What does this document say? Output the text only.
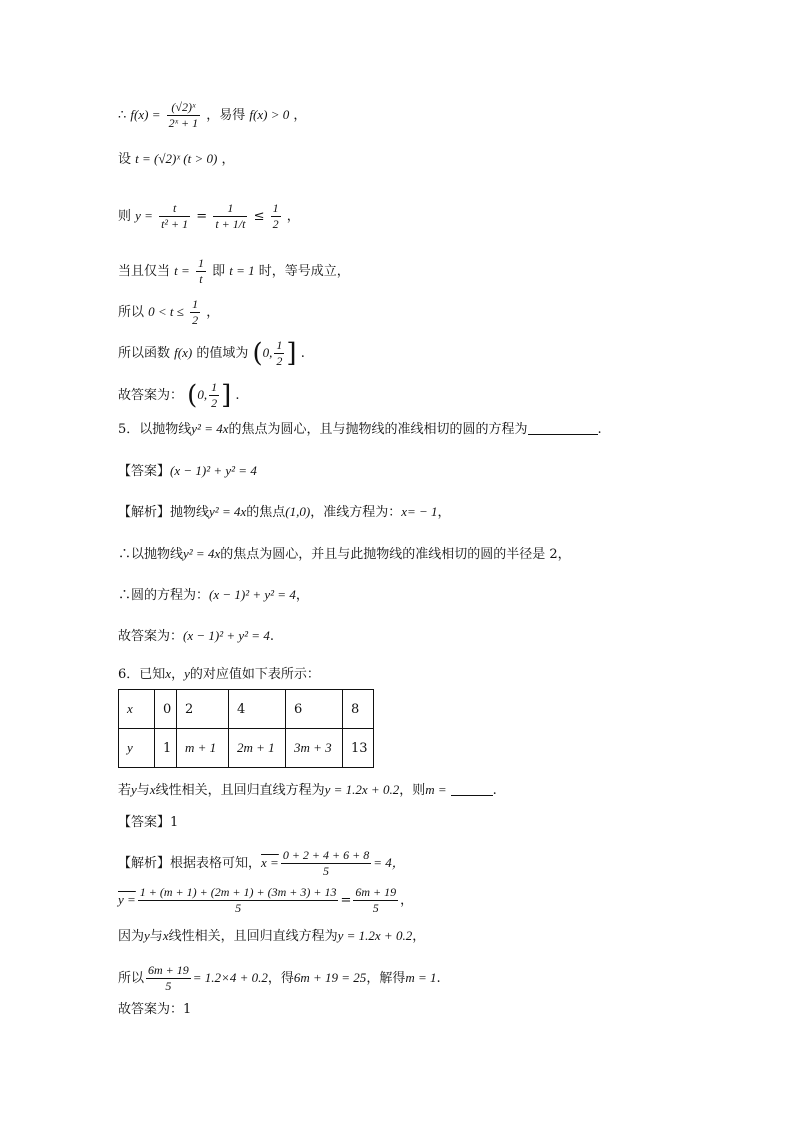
∴ $f(x) = \frac{\text{(√2)ˣ}}{\text{2ˣ + 1}}$ ，易得 f(x) > 0 ，
设 t = (√2)ˣ (t > 0) ，
则 $y = \frac{t}{\text{t² + 1}} = \frac{1}{t + 1/t} \le \frac{1}{2}$ ，
当且仅当 $t = \frac{1}{t}$ 即 t = 1 时，等号成立，
所以 $0 < t \le \frac{1}{2}$ ，
所以函数 f(x) 的值域为 (0, $\frac{1}{2}$ ] .
故答案为： (0, $\frac{1}{2}$ ] .
5．以抛物线y² = 4x的焦点为圆心，且与抛物线的准线相切的圆的方程为	.
【答案】(x − 1)² + y² = 4
【解析】抛物线y² = 4x的焦点(1,0)，准线方程为：x= − 1，
∴以抛物线y² = 4x的焦点为圆心，并且与此抛物线的准线相切的圆的半径是 2，
∴圆的方程为：(x − 1)² + y² = 4，
故答案为：(x − 1)² + y² = 4.
6．已知x，y的对应值如下表所示：
x	0	2	4	6	8
y	1	m + 1	2m + 1	3m + 3	13
若y与x线性相关，且回归直线方程为y = 1.2x + 0.2，则m =	.
【答案】1
【解析】根据表格可知，$x = \frac{0 + 2 + 4 + 6 + 8}{5} = 4$，
$y = \frac{1 + (m + 1) + (2m + 1) + (3m + 3) + 13}{5} = \frac{6m + 19}{5}$ ，
因为y与x线性相关，且回归直线方程为y = 1.2x + 0.2，
所以 $\frac{6m + 19}{5} = 1.2\times 4 + 0.2$，得6m + 19 = 25，解得m = 1.
故答案为：1
